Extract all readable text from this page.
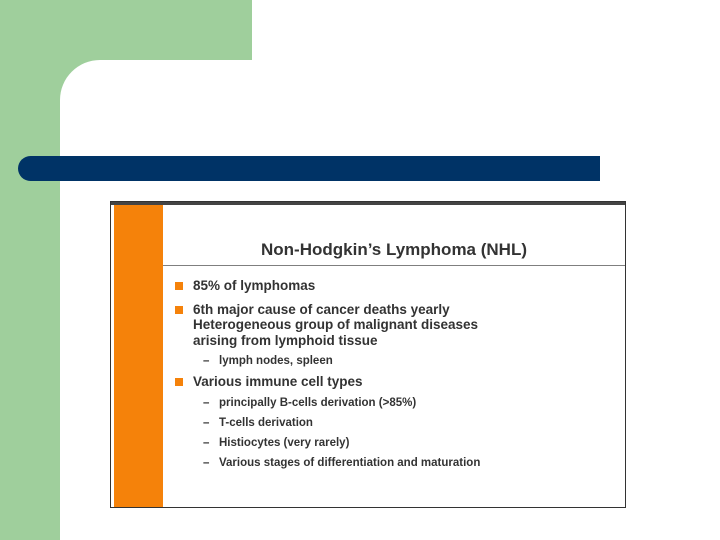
Non-Hodgkin’s Lymphoma (NHL)
85% of lymphomas
6th major cause of cancer deaths yearly
Heterogeneous group of malignant diseases
arising from lymphoid tissue
– lymph nodes, spleen
Various immune cell types
– principally B-cells derivation (>85%)
– T-cells derivation
– Histiocytes (very rarely)
– Various stages of differentiation and maturation
